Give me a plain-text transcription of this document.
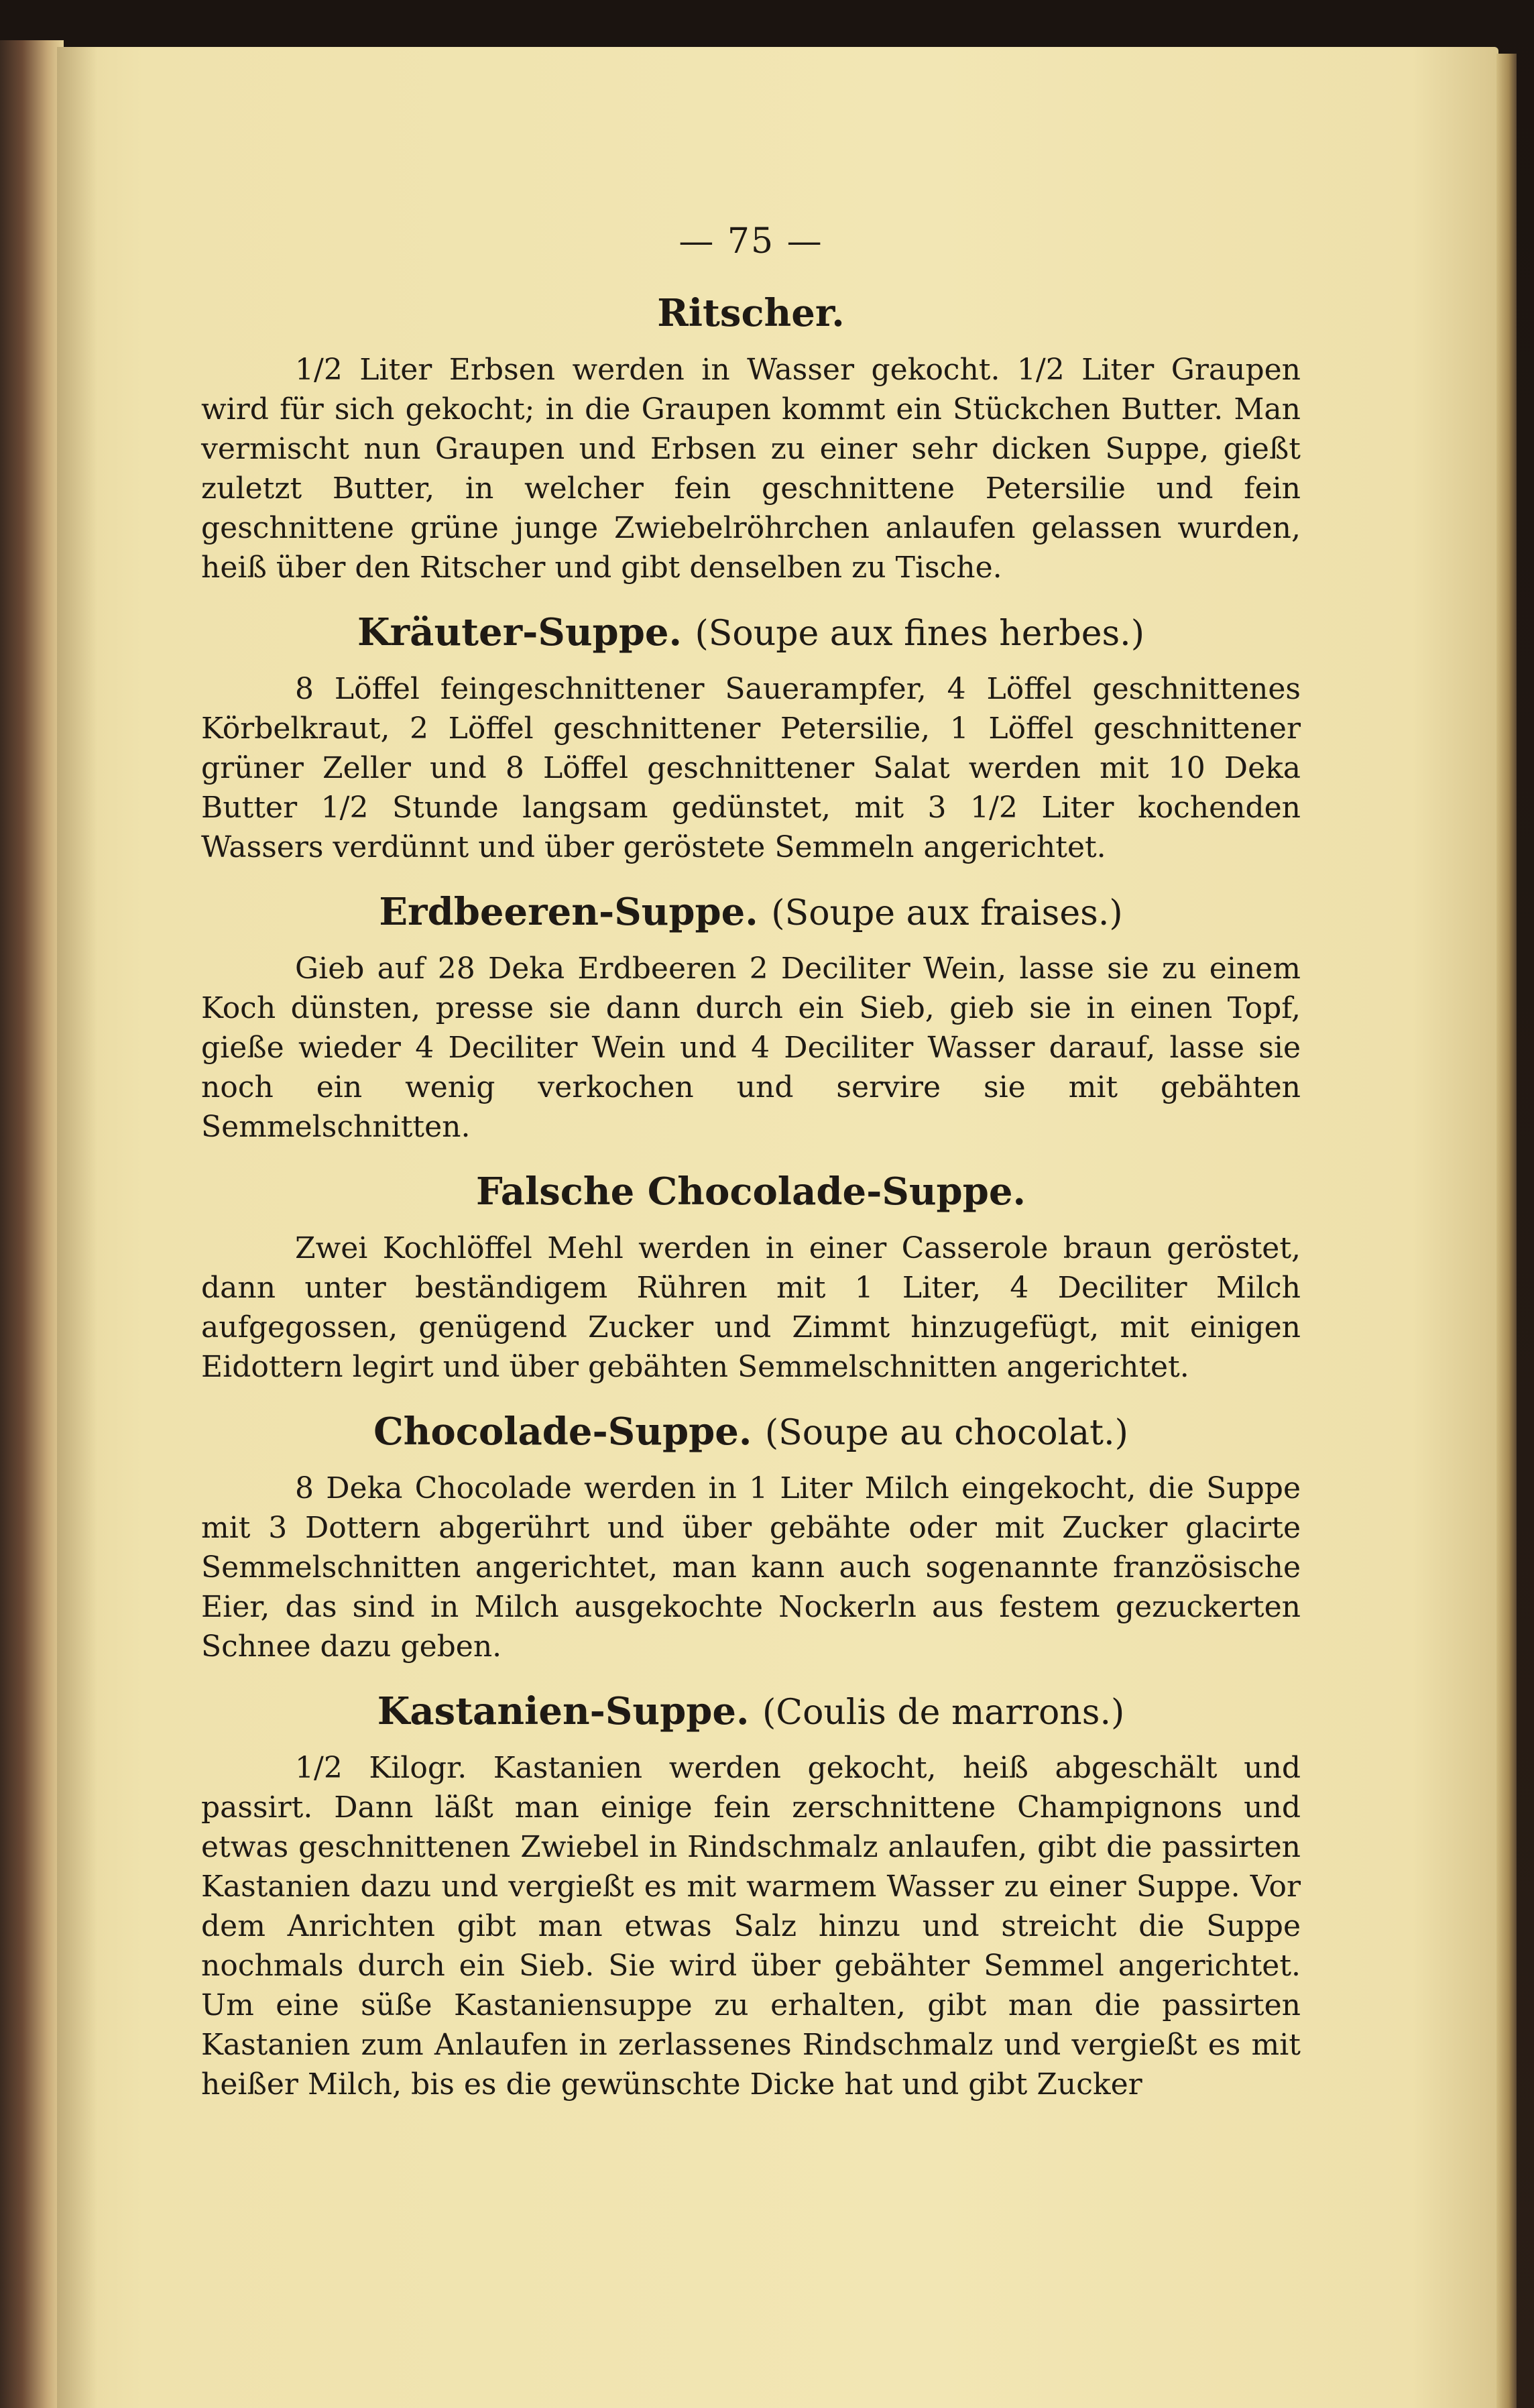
— 75 —
Ritscher.

1/2 Liter Erbsen werden in Wasser gekocht. 1/2 Liter Graupen wird für sich gekocht; in die Graupen kommt ein Stückchen Butter. Man vermischt nun Graupen und Erbsen zu einer sehr dicken Suppe, gießt zuletzt Butter, in welcher fein geschnittene Petersilie und fein geschnittene grüne junge Zwiebelröhrchen anlaufen gelassen wurden, heiß über den Ritscher und gibt denselben zu Tische.

Kräuter-Suppe. (Soupe aux fines herbes.)

8 Löffel feingeschnittener Sauerampfer, 4 Löffel geschnittenes Körbelkraut, 2 Löffel geschnittener Petersilie, 1 Löffel geschnittener grüner Zeller und 8 Löffel geschnittener Salat werden mit 10 Deka Butter 1/2 Stunde langsam gedünstet, mit 3 1/2 Liter kochenden Wassers verdünnt und über geröstete Semmeln angerichtet.

Erdbeeren-Suppe. (Soupe aux fraises.)

Gieb auf 28 Deka Erdbeeren 2 Deciliter Wein, lasse sie zu einem Koch dünsten, presse sie dann durch ein Sieb, gieb sie in einen Topf, gieße wieder 4 Deciliter Wein und 4 Deciliter Wasser darauf, lasse sie noch ein wenig verkochen und servire sie mit gebähten Semmelschnitten.

Falsche Chocolade-Suppe.

Zwei Kochlöffel Mehl werden in einer Casserole braun geröstet, dann unter beständigem Rühren mit 1 Liter, 4 Deciliter Milch aufgegossen, genügend Zucker und Zimmt hinzugefügt, mit einigen Eidottern legirt und über gebähten Semmelschnitten angerichtet.

Chocolade-Suppe. (Soupe au chocolat.)

8 Deka Chocolade werden in 1 Liter Milch eingekocht, die Suppe mit 3 Dottern abgerührt und über gebähte oder mit Zucker glacirte Semmelschnitten angerichtet, man kann auch sogenannte französische Eier, das sind in Milch ausgekochte Nockerln aus festem gezuckerten Schnee dazu geben.

Kastanien-Suppe. (Coulis de marrons.)

1/2 Kilogr. Kastanien werden gekocht, heiß abgeschält und passirt. Dann läßt man einige fein zerschnittene Champignons und etwas geschnittenen Zwiebel in Rindschmalz anlaufen, gibt die passirten Kastanien dazu und vergießt es mit warmem Wasser zu einer Suppe. Vor dem Anrichten gibt man etwas Salz hinzu und streicht die Suppe nochmals durch ein Sieb. Sie wird über gebähter Semmel angerichtet. Um eine süße Kastaniensuppe zu erhalten, gibt man die passirten Kastanien zum Anlaufen in zerlassenes Rindschmalz und vergießt es mit heißer Milch, bis es die gewünschte Dicke hat und gibt Zucker
